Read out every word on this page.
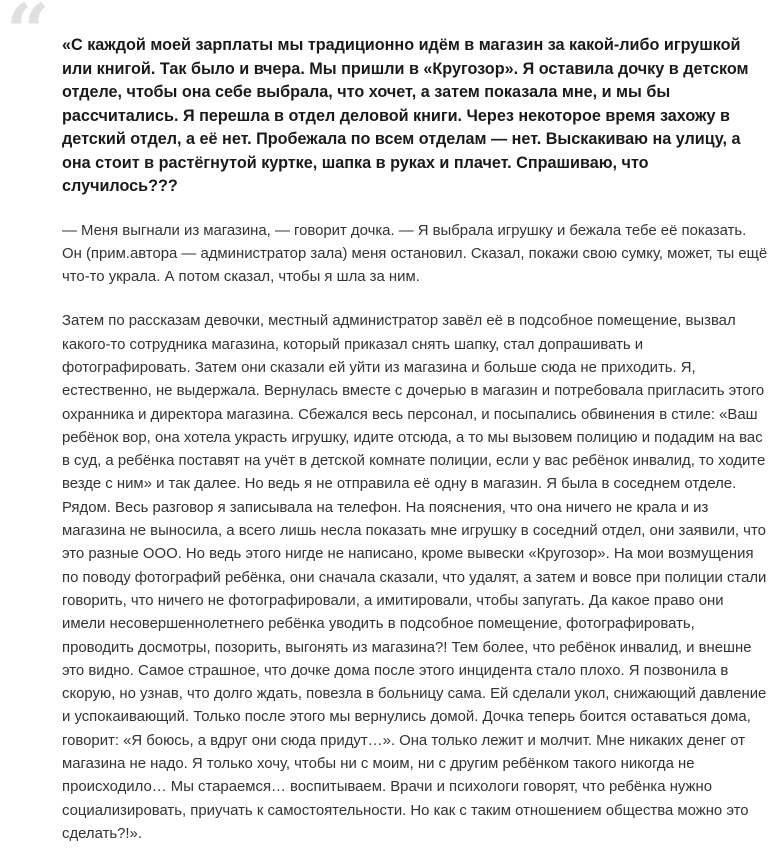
“ «С каждой моей зарплаты мы традиционно идём в магазин за какой-либо игрушкой или книгой. Так было и вчера. Мы пришли в «Кругозор». Я оставила дочку в детском отделе, чтобы она себе выбрала, что хочет, а затем показала мне, и мы бы рассчитались. Я перешла в отдел деловой книги. Через некоторое время захожу в детский отдел, а её нет. Пробежала по всем отделам — нет. Выскакиваю на улицу, а она стоит в растёгнутой куртке, шапка в руках и плачет. Спрашиваю, что случилось???

— Меня выгнали из магазина, — говорит дочка. — Я выбрала игрушку и бежала тебе её показать. Он (прим.автора — администратор зала) меня остановил. Сказал, покажи свою сумку, может, ты ещё что-то украла. А потом сказал, чтобы я шла за ним.

Затем по рассказам девочки, местный администратор завёл её в подсобное помещение, вызвал какого-то сотрудника магазина, который приказал снять шапку, стал допрашивать и фотографировать. Затем они сказали ей уйти из магазина и больше сюда не приходить. Я, естественно, не выдержала. Вернулась вместе с дочерью в магазин и потребовала пригласить этого охранника и директора магазина. Сбежался весь персонал, и посыпались обвинения в стиле: «Ваш ребёнок вор, она хотела украсть игрушку, идите отсюда, а то мы вызовем полицию и подадим на вас в суд, а ребёнка поставят на учёт в детской комнате полиции, если у вас ребёнок инвалид, то ходите везде с ним» и так далее. Но ведь я не отправила её одну в магазин. Я была в соседнем отделе. Рядом. Весь разговор я записывала на телефон. На пояснения, что она ничего не крала и из магазина не выносила, а всего лишь несла показать мне игрушку в соседний отдел, они заявили, что это разные ООО. Но ведь этого нигде не написано, кроме вывески «Кругозор». На мои возмущения по поводу фотографий ребёнка, они сначала сказали, что удалят, а затем и вовсе при полиции стали говорить, что ничего не фотографировали, а имитировали, чтобы запугать. Да какое право они имели несовершеннолетнего ребёнка уводить в подсобное помещение, фотографировать, проводить досмотры, позорить, выгонять из магазина?! Тем более, что ребёнок инвалид, и внешне это видно. Самое страшное, что дочке дома после этого инцидента стало плохо. Я позвонила в скорую, но узнав, что долго ждать, повезла в больницу сама. Ей сделали укол, снижающий давление и успокаивающий. Только после этого мы вернулись домой. Дочка теперь боится оставаться дома, говорит: «Я боюсь, а вдруг они сюда придут…». Она только лежит и молчит. Мне никаких денег от магазина не надо. Я только хочу, чтобы ни с моим, ни с другим ребёнком такого никогда не происходило… Мы стараемся… воспитываем. Врачи и психологи говорят, что ребёнка нужно социализировать, приучать к самостоятельности. Но как с таким отношением общества можно это сделать?!».
